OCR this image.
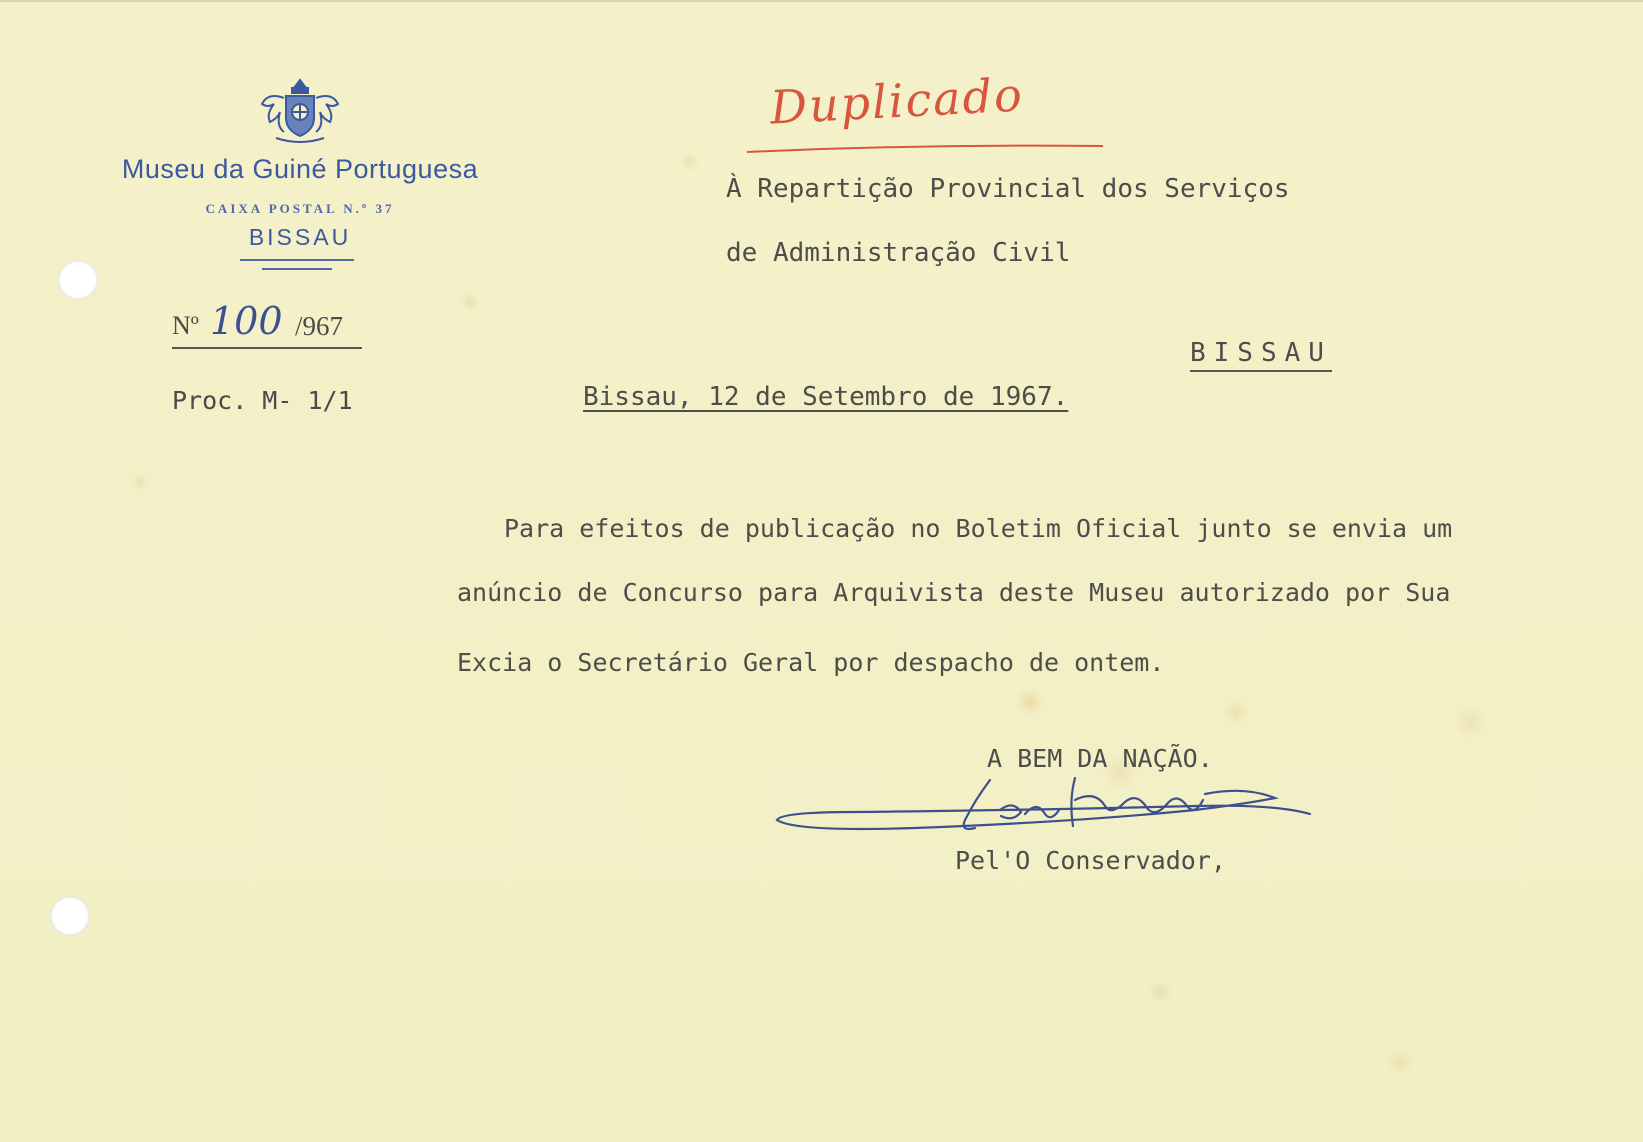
Museu da Guiné Portuguesa
CAIXA POSTAL N.º 37
BISSAU
Nº 100 /967
Proc. M- 1/1
Duplicado
À Repartição Provincial dos Serviços
de Administração Civil
BISSAU
Bissau, 12 de Setembro de 1967.
Para efeitos de publicação no Boletim Oficial junto se envia um
anúncio de Concurso para Arquivista deste Museu autorizado por Sua
Excia o Secretário Geral por despacho de ontem.
A BEM DA NAÇÃO.
Pel'O Conservador,
